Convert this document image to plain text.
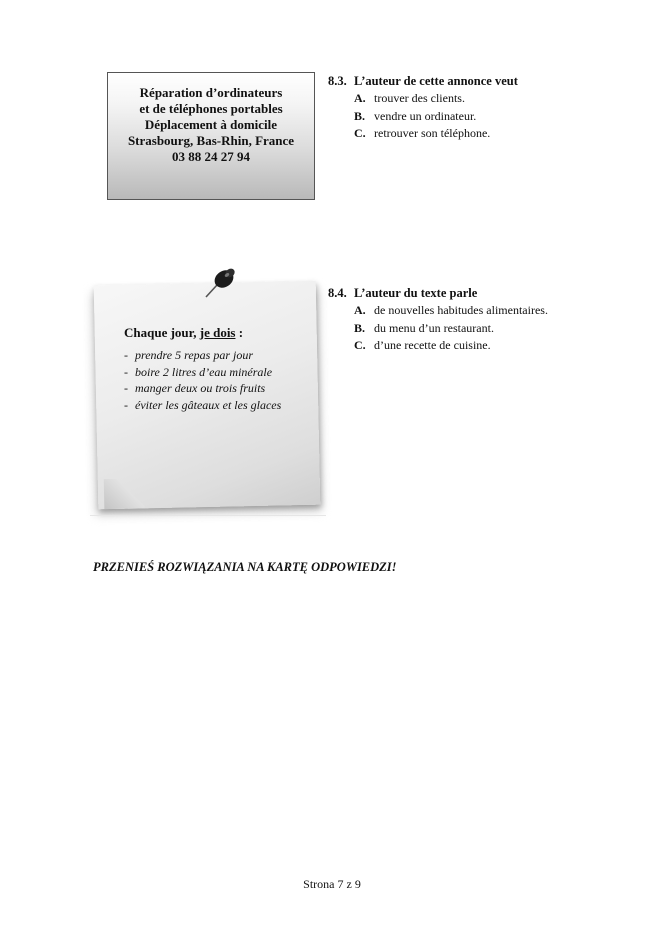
Réparation d’ordinateurs
et de téléphones portables
Déplacement à domicile
Strasbourg, Bas-Rhin, France
03 88 24 27 94
8.3. L’auteur de cette annonce veut
A. trouver des clients.
B. vendre un ordinateur.
C. retrouver son téléphone.
Chaque jour, je dois :
- prendre 5 repas par jour
- boire 2 litres d’eau minérale
- manger deux ou trois fruits
- éviter les gâteaux et les glaces
8.4. L’auteur du texte parle
A. de nouvelles habitudes alimentaires.
B. du menu d’un restaurant.
C. d’une recette de cuisine.
PRZENIEŚ ROZWIĄZANIA NA KARTĘ ODPOWIEDZI!
Strona 7 z 9
